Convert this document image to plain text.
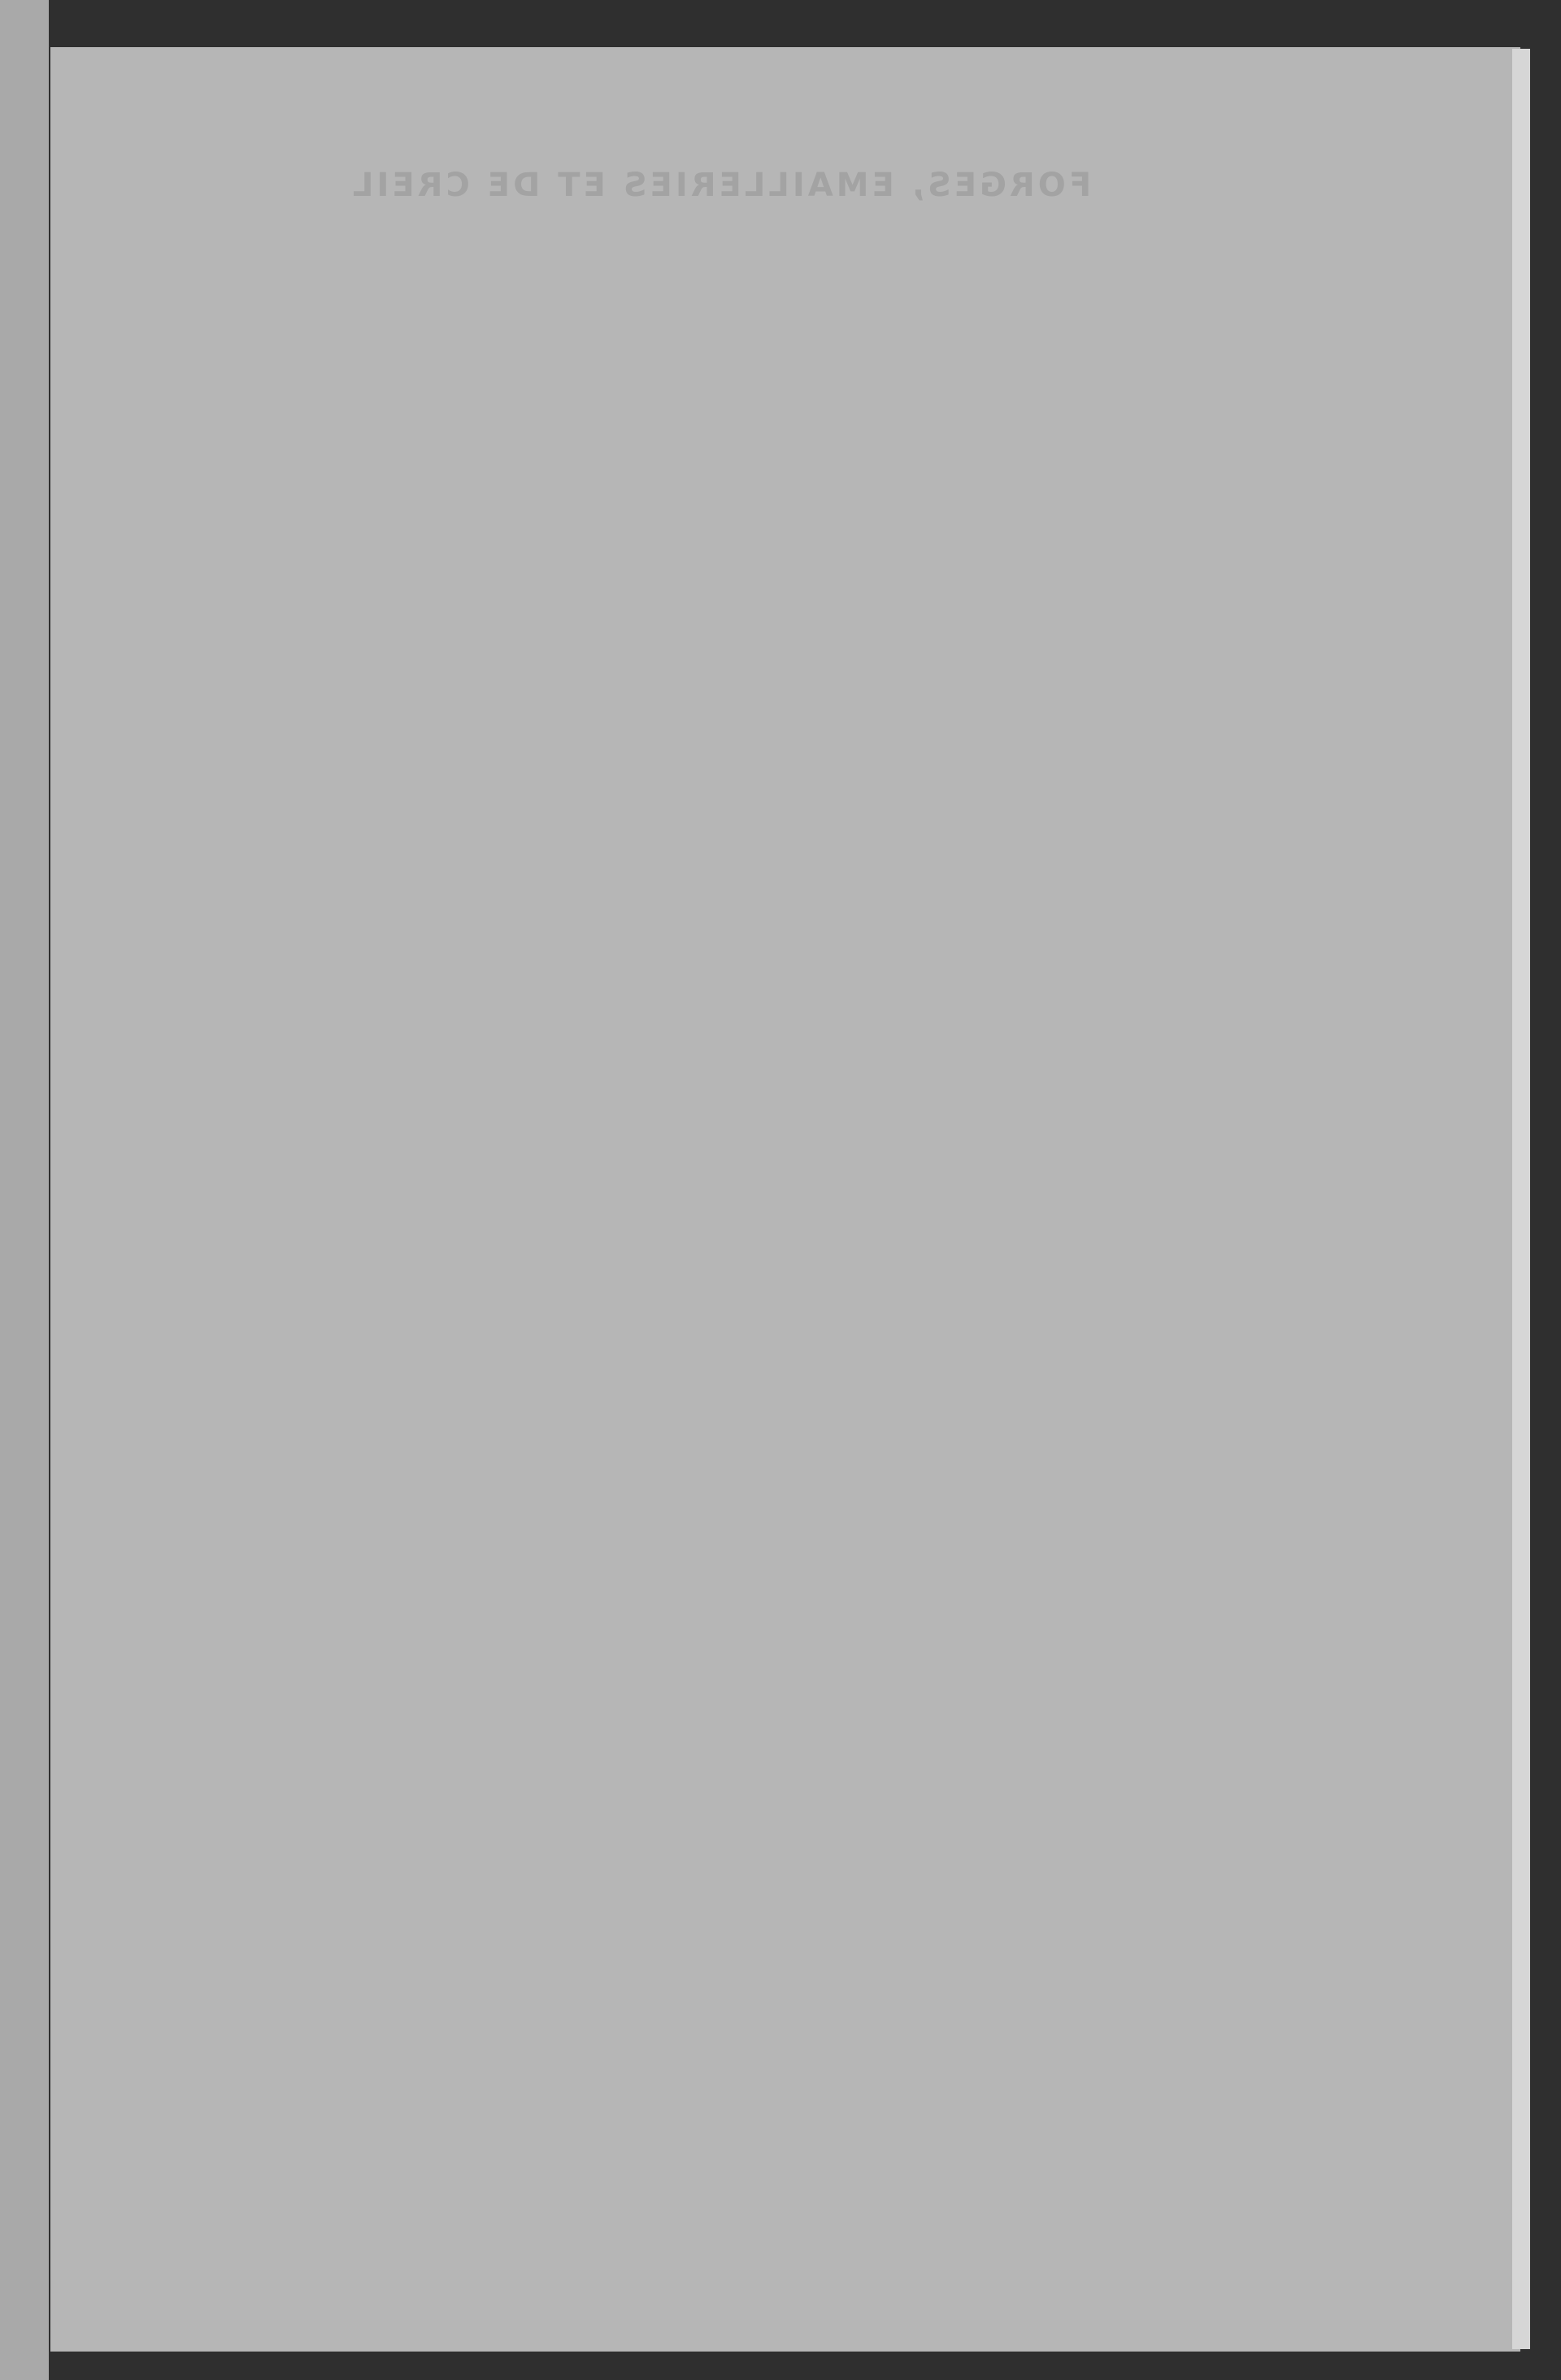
FORGES, EMAILLERIES ET DE CREIL
